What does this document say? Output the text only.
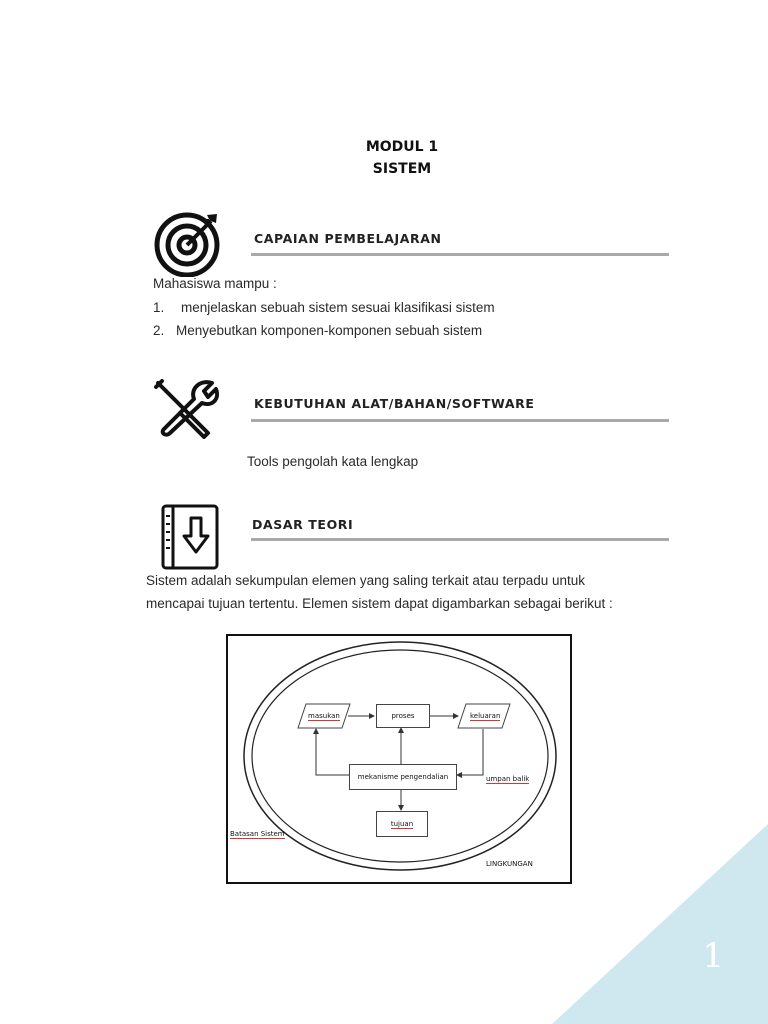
MODUL 1
SISTEM
CAPAIAN PEMBELAJARAN
Mahasiswa mampu :
1. menjelaskan sebuah sistem sesuai klasifikasi sistem
2. Menyebutkan komponen-komponen sebuah sistem
KEBUTUHAN ALAT/BAHAN/SOFTWARE
Tools pengolah kata lengkap
DASAR TEORI
Sistem adalah sekumpulan elemen yang saling terkait atau terpadu untuk mencapai tujuan tertentu. Elemen sistem dapat digambarkan sebagai berikut :
masukan	proses	keluaran
mekanisme pengendalian	umpan balik
tujuan
Batasan Sistem
LINGKUNGAN
1
